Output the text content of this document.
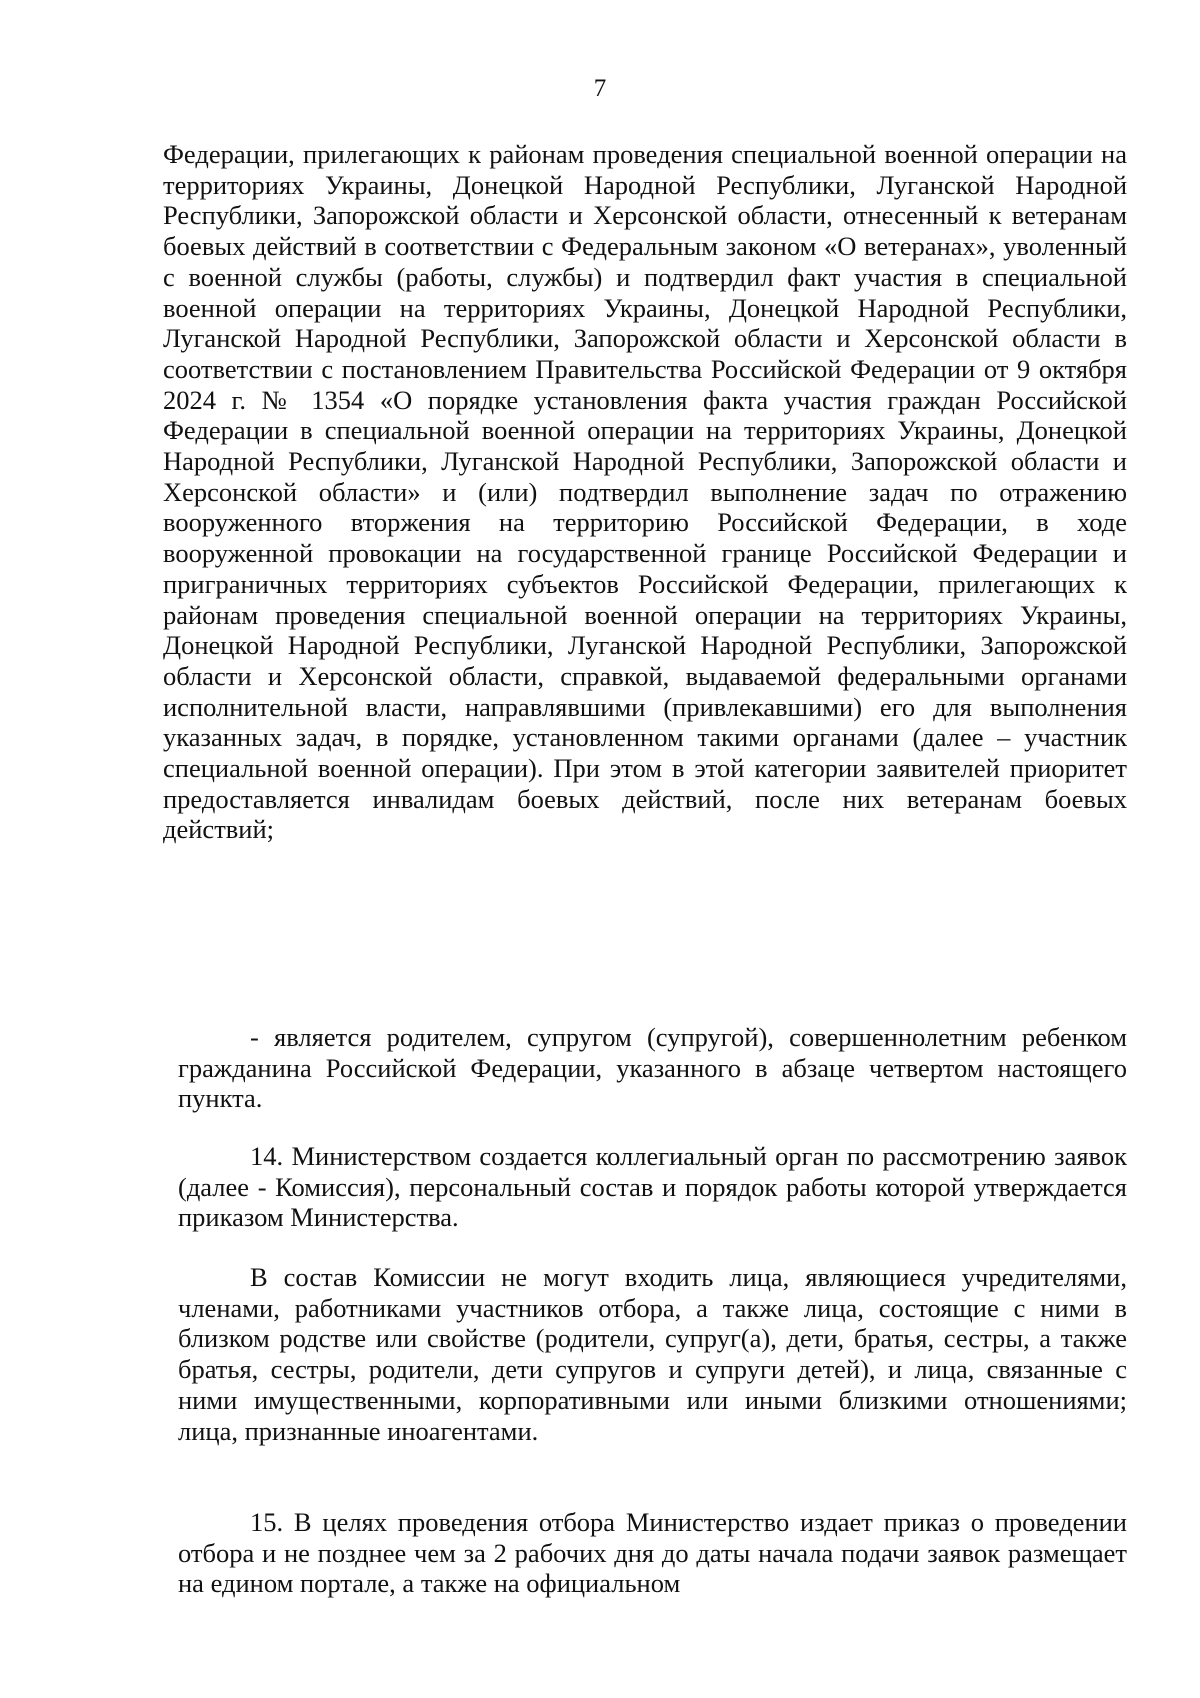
7

Федерации, прилегающих к районам проведения специальной военной операции на территориях Украины, Донецкой Народной Республики, Луганской Народной Республики, Запорожской области и Херсонской области, отнесенный к ветеранам боевых действий в соответствии с Федеральным законом «О ветеранах», уволенный с военной службы (работы, службы) и подтвердил факт участия в специальной военной операции на территориях Украины, Донецкой Народной Республики, Луганской Народной Республики, Запорожской области и Херсонской области в соответствии с постановлением Правительства Российской Федерации от 9 октября 2024 г. № 1354 «О порядке установления факта участия граждан Российской Федерации в специальной военной операции на территориях Украины, Донецкой Народной Республики, Луганской Народной Республики, Запорожской области и Херсонской области» и (или) подтвердил выполнение задач по отражению вооруженного вторжения на территорию Российской Федерации, в ходе вооруженной провокации на государственной границе Российской Федерации и приграничных территориях субъектов Российской Федерации, прилегающих к районам проведения специальной военной операции на территориях Украины, Донецкой Народной Республики, Луганской Народной Республики, Запорожской области и Херсонской области, справкой, выдаваемой федеральными органами исполнительной власти, направлявшими (привлекавшими) его для выполнения указанных задач, в порядке, установленном такими органами (далее – участник специальной военной операции). При этом в этой категории заявителей приоритет предоставляется инвалидам боевых действий, после них ветеранам боевых действий;

- является родителем, супругом (супругой), совершеннолетним ребенком гражданина Российской Федерации, указанного в абзаце четвертом настоящего пункта.

14. Министерством создается коллегиальный орган по рассмотрению заявок (далее - Комиссия), персональный состав и порядок работы которой утверждается приказом Министерства.

В состав Комиссии не могут входить лица, являющиеся учредителями, членами, работниками участников отбора, а также лица, состоящие с ними в близком родстве или свойстве (родители, супруг(а), дети, братья, сестры, а также братья, сестры, родители, дети супругов и супруги детей), и лица, связанные с ними имущественными, корпоративными или иными близкими отношениями; лица, признанные иноагентами.

15. В целях проведения отбора Министерство издает приказ о проведении отбора и не позднее чем за 2 рабочих дня до даты начала подачи заявок размещает на едином портале, а также на официальном
